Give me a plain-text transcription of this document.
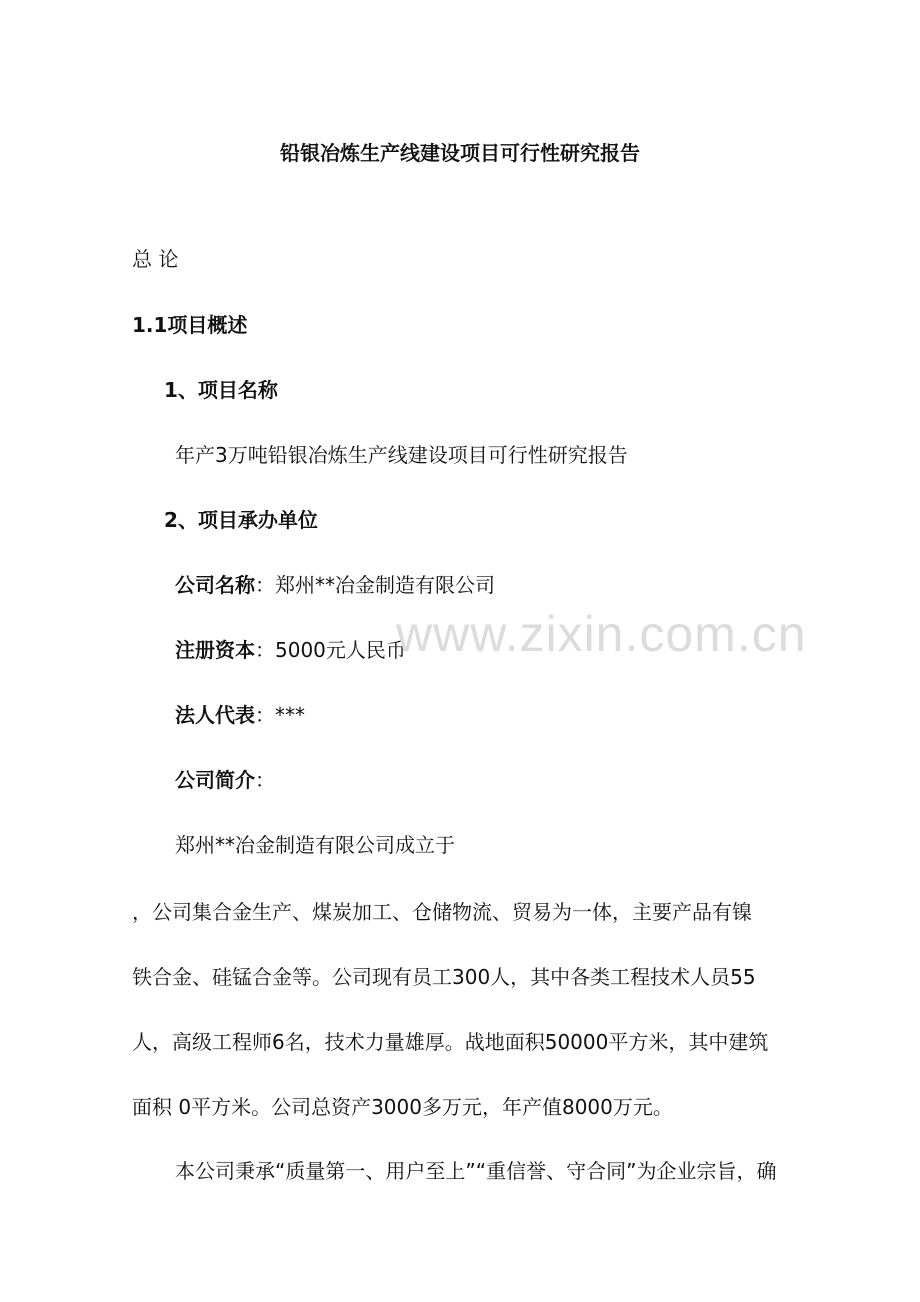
铅银冶炼生产线建设项目可行性研究报告
总 论
1.1项目概述
1、项目名称
年产3万吨铅银冶炼生产线建设项目可行性研究报告
2、项目承办单位
公司名称：郑州**冶金制造有限公司
注册资本：5000元人民币
法人代表：***
公司简介：
郑州**冶金制造有限公司成立于
，公司集合金生产、煤炭加工、仓储物流、贸易为一体，主要产品有镍
铁合金、硅锰合金等。公司现有员工300人，其中各类工程技术人员55
人，高级工程师6名，技术力量雄厚。战地面积50000平方米，其中建筑
面积 0平方米。公司总资产3000多万元，年产值8000万元。
本公司秉承“质量第一、用户至上”“重信誉、守合同”为企业宗旨，确
www.zixin.com.cn
